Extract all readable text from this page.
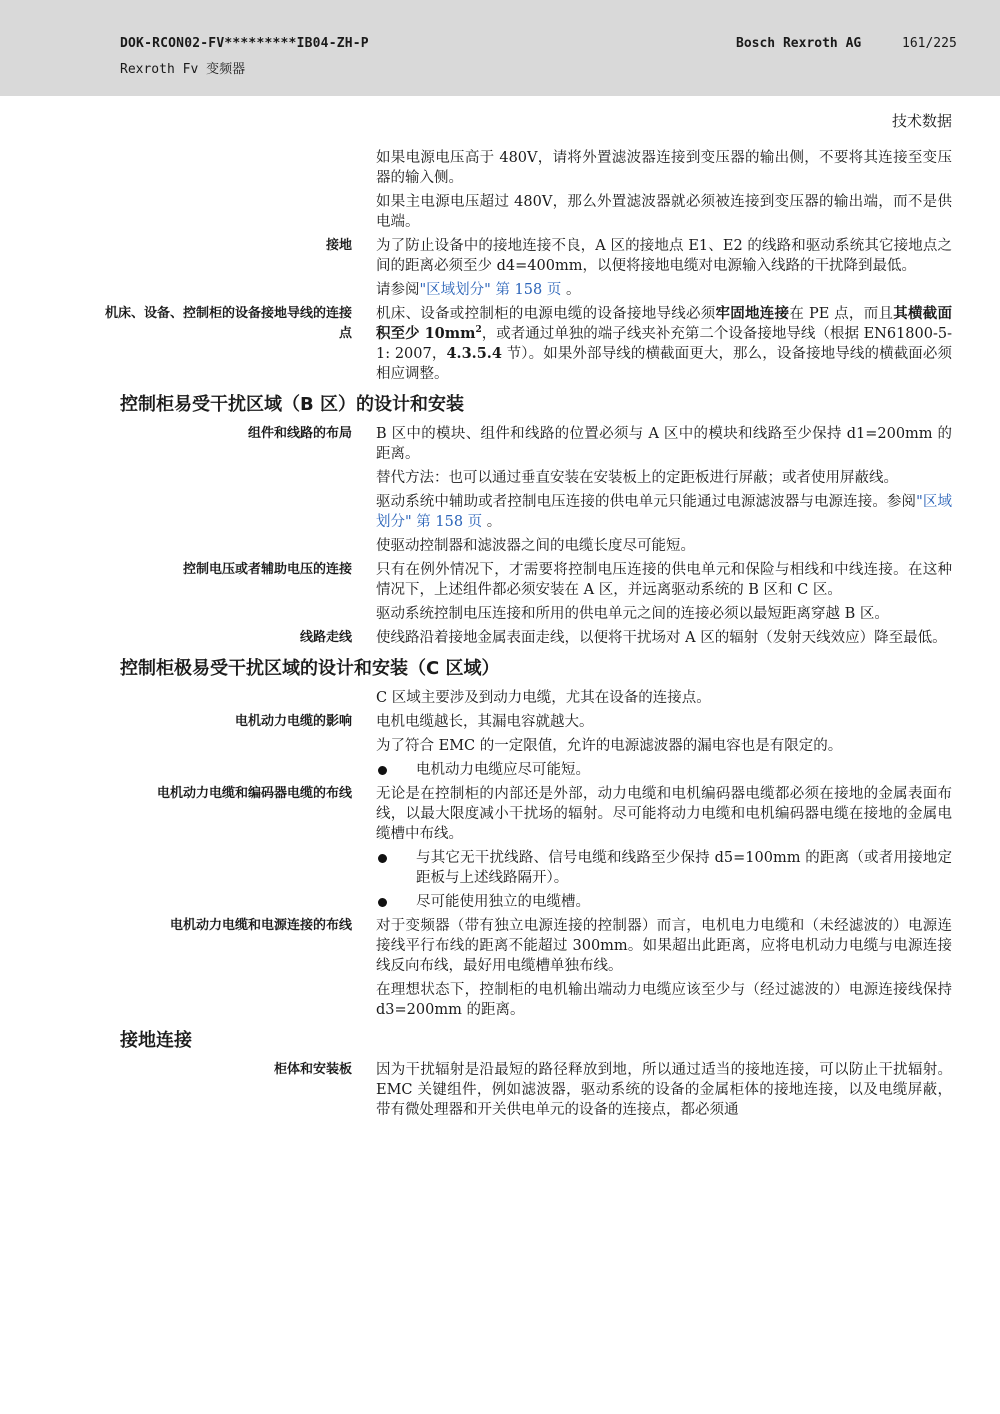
DOK-RCON02-FV*********IB04-ZH-P
Rexroth Fv 变频器
Bosch Rexroth AG	161/225
技术数据

如果电源电压高于 480V，请将外置滤波器连接到变压器的输出侧，不要将其连接至变压器的输入侧。

如果主电源电压超过 480V，那么外置滤波器就必须被连接到变压器的输出端，而不是供电端。

接地 为了防止设备中的接地连接不良，A 区的接地点 E1、E2 的线路和驱动系统其它接地点之间的距离必须至少 d4=400mm，以便将接地电缆对电源输入线路的干扰降到最低。

请参阅"区域划分" 第 158 页 。

机床、设备、控制柜的设备接地导线的连接点

机床、设备或控制柜的电源电缆的设备接地导线必须牢固地连接在 PE 点，而且其横截面积至少 $10mm^2$，或者通过单独的端子线夹补充第二个设备接地导线（根据 EN61800-5-1: 2007，4.3.5.4 节）。如果外部导线的横截面更大，那么，设备接地导线的横截面必须相应调整。

控制柜易受干扰区域（B 区）的设计和安装
组件和线路的布局 B 区中的模块、组件和线路的位置必须与 A 区中的模块和线路至少保持 d1=200mm 的距离。

替代方法：也可以通过垂直安装在安装板上的定距板进行屏蔽；或者使用屏蔽线。

驱动系统中辅助或者控制电压连接的供电单元只能通过电源滤波器与电源连接。参阅"区域划分" 第 158 页 。

使驱动控制器和滤波器之间的电缆长度尽可能短。

控制电压或者辅助电压的连接 只有在例外情况下，才需要将控制电压连接的供电单元和保险与相线和中线连接。在这种情况下，上述组件都必须安装在 A 区，并远离驱动系统的 B 区和 C 区。

驱动系统控制电压连接和所用的供电单元之间的连接必须以最短距离穿越 B 区。

线路走线 使线路沿着接地金属表面走线，以便将干扰场对 A 区的辐射（发射天线效应）降至最低。

控制柜极易受干扰区域的设计和安装（C 区域）

C 区域主要涉及到动力电缆，尤其在设备的连接点。

电机动力电缆的影响 电机电缆越长，其漏电容就越大。

为了符合 EMC 的一定限值，允许的电源滤波器的漏电容也是有限定的。

电机动力电缆应尽可能短。
电机动力电缆和编码器电缆的布线 无论是在控制柜的内部还是外部，动力电缆和电机编码器电缆都必须在接地的金属表面布线，以最大限度减小干扰场的辐射。尽可能将动力电缆和电机编码器电缆在接地的金属电缆槽中布线。

与其它无干扰线路、信号电缆和线路至少保持 d5=100mm 的距离（或者用接地定距板与上述线路隔开）。
尽可能使用独立的电缆槽。
电机动力电缆和电源连接的布线 对于变频器（带有独立电源连接的控制器）而言，电机电力电缆和（未经滤波的）电源连接线平行布线的距离不能超过 300mm。如果超出此距离，应将电机动力电缆与电源连接线反向布线，最好用电缆槽单独布线。

在理想状态下，控制柜的电机输出端动力电缆应该至少与（经过滤波的）电源连接线保持 d3=200mm 的距离。

接地连接
柜体和安装板 因为干扰辐射是沿最短的路径释放到地，所以通过适当的接地连接，可以防止干扰辐射。EMC 关键组件，例如滤波器，驱动系统的设备的金属柜体的接地连接，以及电缆屏蔽，带有微处理器和开关供电单元的设备的连接点，都必须通
